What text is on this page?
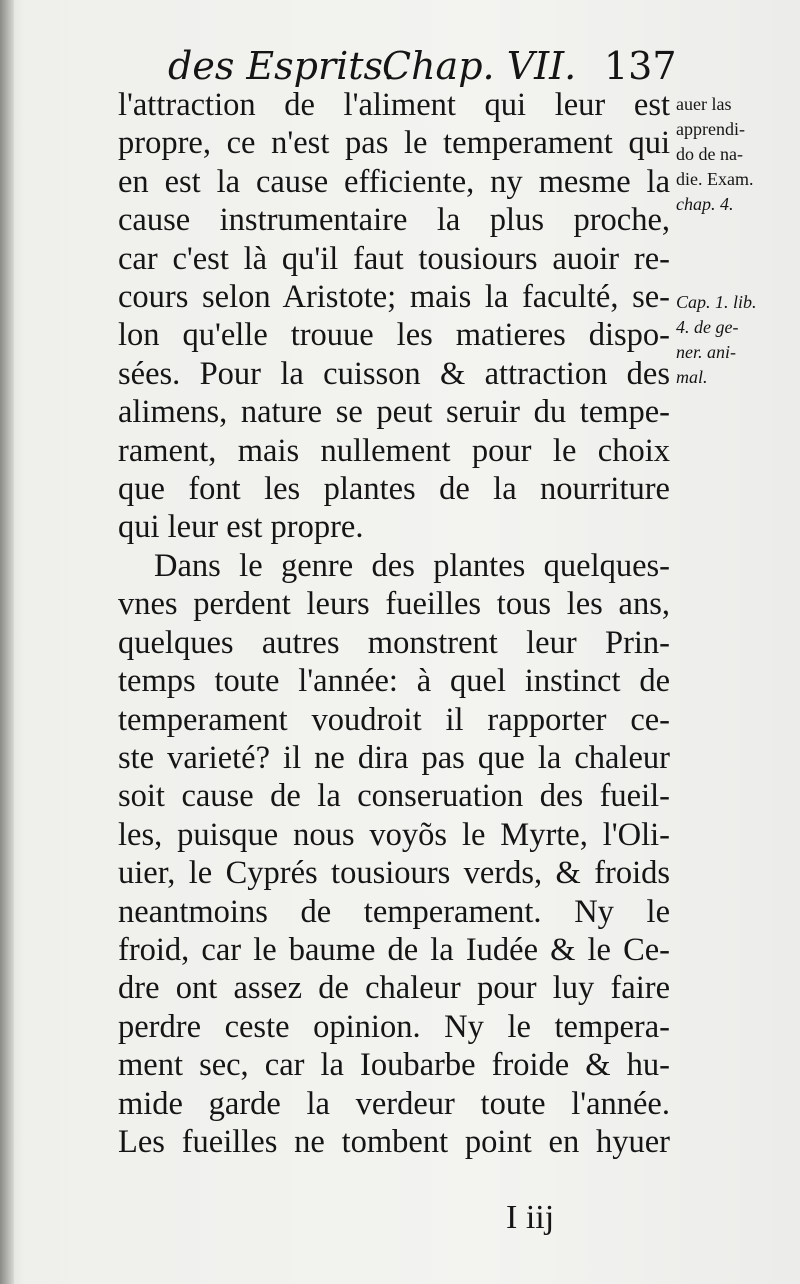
des Esprits.
Chap. VII. 137
l'attraction de l'aliment qui leur est
propre, ce n'est pas le temperament qui
en est la cause efficiente, ny mesme la
cause instrumentaire la plus proche,
car c'est là qu'il faut tousiours auoir re-
cours selon Aristote; mais la faculté, se-
lon qu'elle trouue les matieres dispo-
sées. Pour la cuisson & attraction des
alimens, nature se peut seruir du tempe-
rament, mais nullement pour le choix
que font les plantes de la nourriture
qui leur est propre.
Dans le genre des plantes quelques-
vnes perdent leurs fueilles tous les ans,
quelques autres monstrent leur Prin-
temps toute l'année: à quel instinct de
temperament voudroit il rapporter ce-
ste varieté? il ne dira pas que la chaleur
soit cause de la conseruation des fueil-
les, puisque nous voyõs le Myrte, l'Oli-
uier, le Cyprés tousiours verds, & froids
neantmoins de temperament. Ny le
froid, car le baume de la Iudée & le Ce-
dre ont assez de chaleur pour luy faire
perdre ceste opinion. Ny le tempera-
ment sec, car la Ioubarbe froide & hu-
mide garde la verdeur toute l'année.
Les fueilles ne tombent point en hyuer
auer las
apprendi-
do de na-
die. Exam.
chap. 4.
Cap. 1. lib.
4. de ge-
ner. ani-
mal.
I iij
